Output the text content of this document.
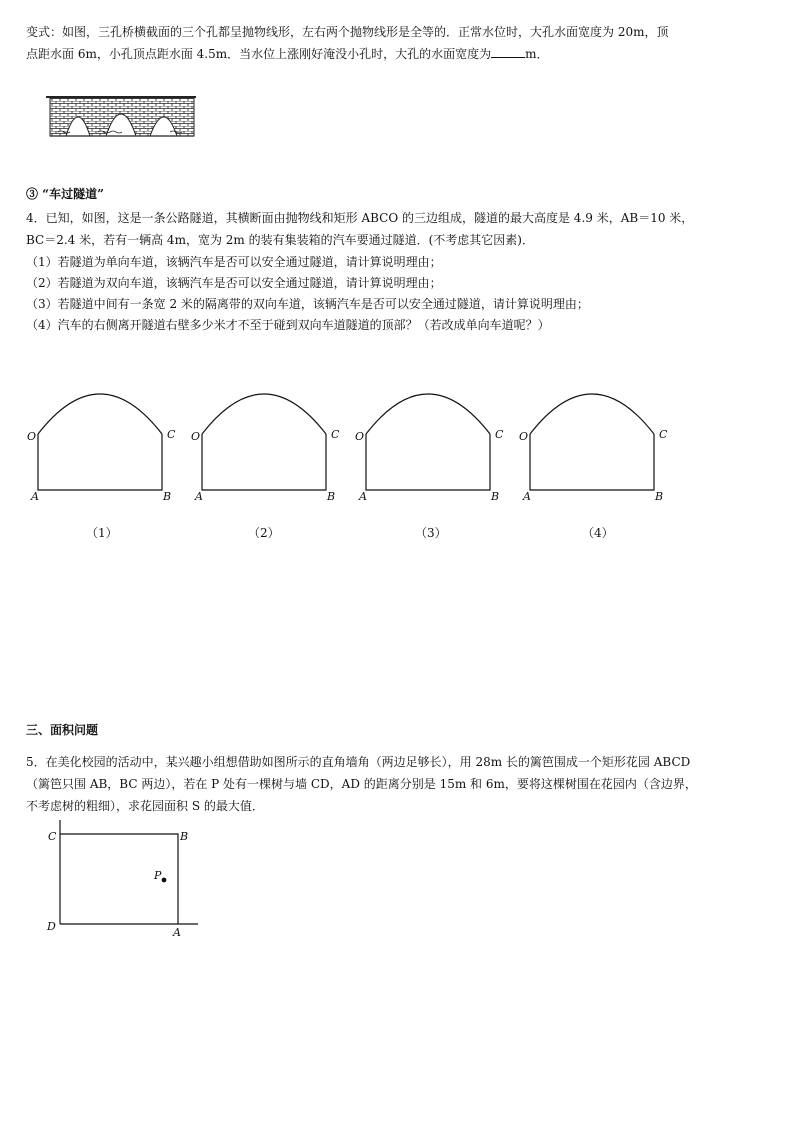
变式：如图，三孔桥横截面的三个孔都呈抛物线形，左右两个抛物线形是全等的．正常水位时，大孔水面宽度为 20m，顶

点距水面 6m，小孔顶点距水面 4.5m．当水位上涨刚好淹没小孔时，大孔的水面宽度为	m．

③ “车过隧道”

4．已知，如图，这是一条公路隧道，其横断面由抛物线和矩形 ABCO 的三边组成，隧道的最大高度是 4.9 米，AB＝10 米，

BC＝2.4 米，若有一辆高 4m，宽为 2m 的装有集装箱的汽车要通过隧道．(不考虑其它因素)．

（1）若隧道为单向车道，该辆汽车是否可以安全通过隧道，请计算说明理由；

（2）若隧道为双向车道，该辆汽车是否可以安全通过隧道，请计算说明理由；

（3）若隧道中间有一条宽 2 米的隔离带的双向车道，该辆汽车是否可以安全通过隧道，请计算说明理由；

（4）汽车的右侧离开隧道右壁多少米才不至于碰到双向车道隧道的顶部？（若改成单向车道呢？）

O	C
A	B
O	C
A	B
O	C
A	B
O	C
A	B
（1）	（2）	（3）	（4）

三、面积问题

5．在美化校园的活动中，某兴趣小组想借助如图所示的直角墙角（两边足够长），用 28m 长的篱笆围成一个矩形花园 ABCD

（篱笆只围 AB，BC 两边），若在 P 处有一棵树与墙 CD，AD 的距离分别是 15m 和 6m，要将这棵树围在花园内（含边界，

不考虑树的粗细），求花园面积 S 的最大值．

C	B
D	A
P
